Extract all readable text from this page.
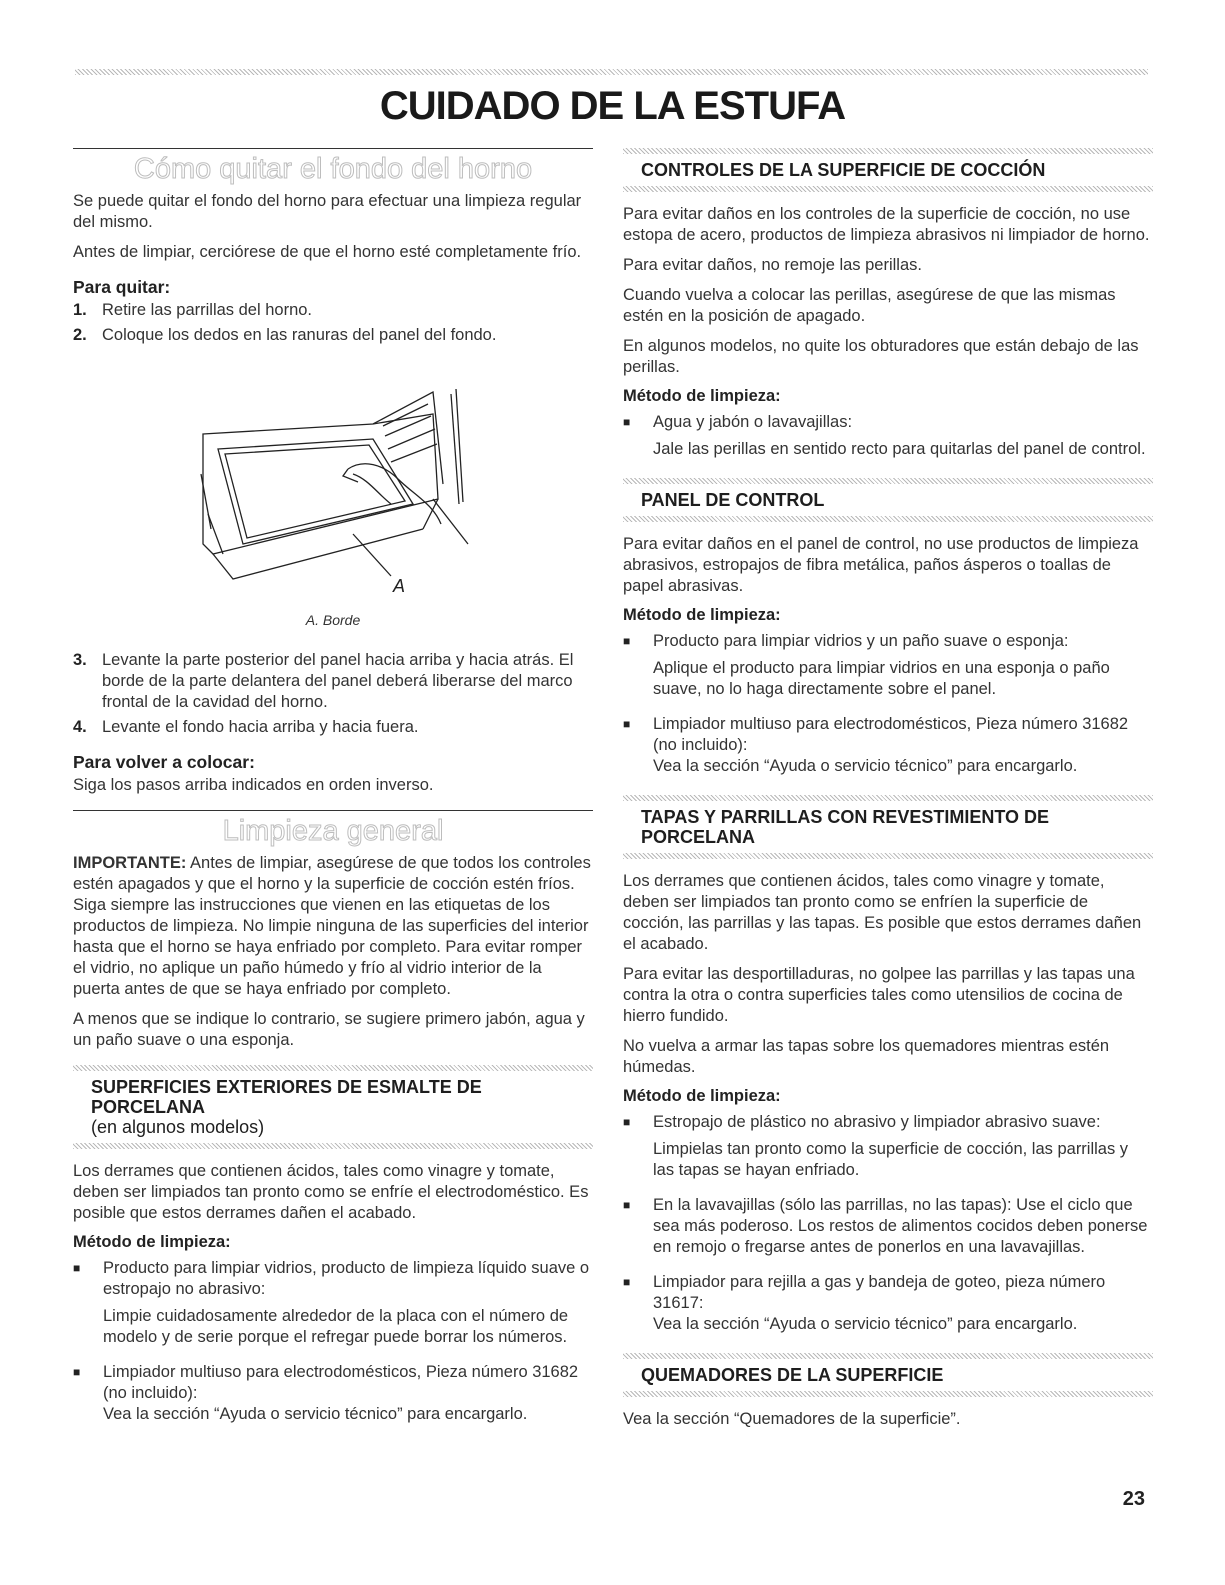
CUIDADO DE LA ESTUFA
Cómo quitar el fondo del horno

Se puede quitar el fondo del horno para efectuar una limpieza regular del mismo.

Antes de limpiar, cerciórese de que el horno esté completamente frío.

Para quitar:
1. Retire las parrillas del horno.
2. Coloque los dedos en las ranuras del panel del fondo.
A
A. Borde
3. Levante la parte posterior del panel hacia arriba y hacia atrás. El borde de la parte delantera del panel deberá liberarse del marco frontal de la cavidad del horno.
4. Levante el fondo hacia arriba y hacia fuera.
Para volver a colocar:

Siga los pasos arriba indicados en orden inverso.

Limpieza general

IMPORTANTE: Antes de limpiar, asegúrese de que todos los controles estén apagados y que el horno y la superficie de cocción estén fríos. Siga siempre las instrucciones que vienen en las etiquetas de los productos de limpieza. No limpie ninguna de las superficies del interior hasta que el horno se haya enfriado por completo. Para evitar romper el vidrio, no aplique un paño húmedo y frío al vidrio interior de la puerta antes de que se haya enfriado por completo.

A menos que se indique lo contrario, se sugiere primero jabón, agua y un paño suave o una esponja.

SUPERFICIES EXTERIORES DE ESMALTE DE PORCELANA
(en algunos modelos)

Los derrames que contienen ácidos, tales como vinagre y tomate, deben ser limpiados tan pronto como se enfríe el electrodoméstico. Es posible que estos derrames dañen el acabado.

Método de limpieza:
■	Producto para limpiar vidrios, producto de limpieza líquido suave o estropajo no abrasivo:

Limpie cuidadosamente alrededor de la placa con el número de modelo y de serie porque el refregar puede borrar los números.

■	Limpiador multiuso para electrodomésticos, Pieza número 31682 (no incluido):

Vea la sección “Ayuda o servicio técnico” para encargarlo.

CONTROLES DE LA SUPERFICIE DE COCCIÓN

Para evitar daños en los controles de la superficie de cocción, no use estopa de acero, productos de limpieza abrasivos ni limpiador de horno.

Para evitar daños, no remoje las perillas.

Cuando vuelva a colocar las perillas, asegúrese de que las mismas estén en la posición de apagado.

En algunos modelos, no quite los obturadores que están debajo de las perillas.

Método de limpieza:
■	Agua y jabón o lavavajillas:

Jale las perillas en sentido recto para quitarlas del panel de control.

PANEL DE CONTROL

Para evitar daños en el panel de control, no use productos de limpieza abrasivos, estropajos de fibra metálica, paños ásperos o toallas de papel abrasivas.

Método de limpieza:
■	Producto para limpiar vidrios y un paño suave o esponja:

Aplique el producto para limpiar vidrios en una esponja o paño suave, no lo haga directamente sobre el panel.

■	Limpiador multiuso para electrodomésticos, Pieza número 31682 (no incluido):

Vea la sección “Ayuda o servicio técnico” para encargarlo.

TAPAS Y PARRILLAS CON REVESTIMIENTO DE PORCELANA

Los derrames que contienen ácidos, tales como vinagre y tomate, deben ser limpiados tan pronto como se enfríen la superficie de cocción, las parrillas y las tapas. Es posible que estos derrames dañen el acabado.

Para evitar las desportilladuras, no golpee las parrillas y las tapas una contra la otra o contra superficies tales como utensilios de cocina de hierro fundido.

No vuelva a armar las tapas sobre los quemadores mientras estén húmedas.

Método de limpieza:
■	Estropajo de plástico no abrasivo y limpiador abrasivo suave:

Limpielas tan pronto como la superficie de cocción, las parrillas y las tapas se hayan enfriado.

■	En la lavavajillas (sólo las parrillas, no las tapas): Use el ciclo que sea más poderoso. Los restos de alimentos cocidos deben ponerse en remojo o fregarse antes de ponerlos en una lavavajillas.

■	Limpiador para rejilla a gas y bandeja de goteo, pieza número 31617:

Vea la sección “Ayuda o servicio técnico” para encargarlo.

QUEMADORES DE LA SUPERFICIE

Vea la sección “Quemadores de la superficie”.

23
